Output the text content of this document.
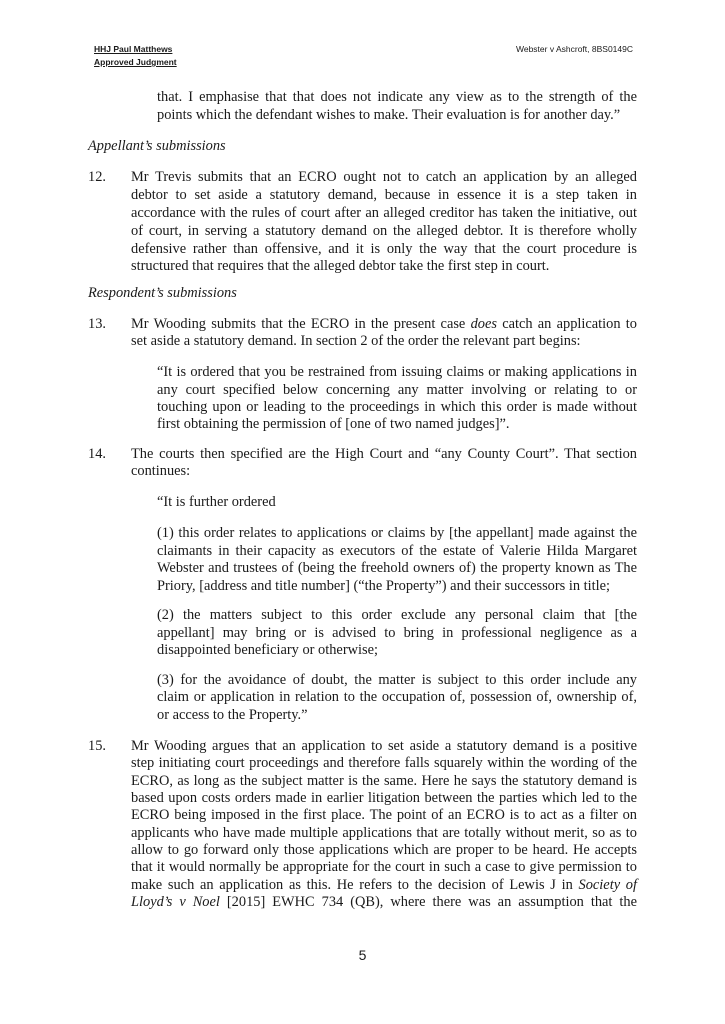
HHJ Paul Matthews
Approved Judgment
Webster v Ashcroft, 8BS0149C
that. I emphasise that that does not indicate any view as to the strength of the
points which the defendant wishes to make. Their evaluation is for another day.”
Appellant’s submissions
12. Mr Trevis submits that an ECRO ought not to catch an application by an alleged
debtor to set aside a statutory demand, because in essence it is a step taken in
accordance with the rules of court after an alleged creditor has taken the initiative, out
of court, in serving a statutory demand on the alleged debtor. It is therefore wholly
defensive rather than offensive, and it is only the way that the court procedure is
structured that requires that the alleged debtor take the first step in court.
Respondent’s submissions
13. Mr Wooding submits that the ECRO in the present case does catch an application to
set aside a statutory demand. In section 2 of the order the relevant part begins:
“It is ordered that you be restrained from issuing claims or making applications in
any court specified below concerning any matter involving or relating to or
touching upon or leading to the proceedings in which this order is made without
first obtaining the permission of [one of two named judges]”.
14. The courts then specified are the High Court and “any County Court”. That section
continues:
“It is further ordered
(1) this order relates to applications or claims by [the appellant] made against the
claimants in their capacity as executors of the estate of Valerie Hilda Margaret
Webster and trustees of (being the freehold owners of) the property known as The
Priory, [address and title number] (“the Property”) and their successors in title;
(2) the matters subject to this order exclude any personal claim that [the
appellant] may bring or is advised to bring in professional negligence as a
disappointed beneficiary or otherwise;
(3) for the avoidance of doubt, the matter is subject to this order include any
claim or application in relation to the occupation of, possession of, ownership of,
or access to the Property.”
15. Mr Wooding argues that an application to set aside a statutory demand is a positive
step initiating court proceedings and therefore falls squarely within the wording of the
ECRO, as long as the subject matter is the same. Here he says the statutory demand is
based upon costs orders made in earlier litigation between the parties which led to the
ECRO being imposed in the first place. The point of an ECRO is to act as a filter on
applicants who have made multiple applications that are totally without merit, so as to
allow to go forward only those applications which are proper to be heard. He accepts
that it would normally be appropriate for the court in such a case to give permission to
make such an application as this. He refers to the decision of Lewis J in Society of
Lloyd’s v Noel [2015] EWHC 734 (QB), where there was an assumption that the
5
